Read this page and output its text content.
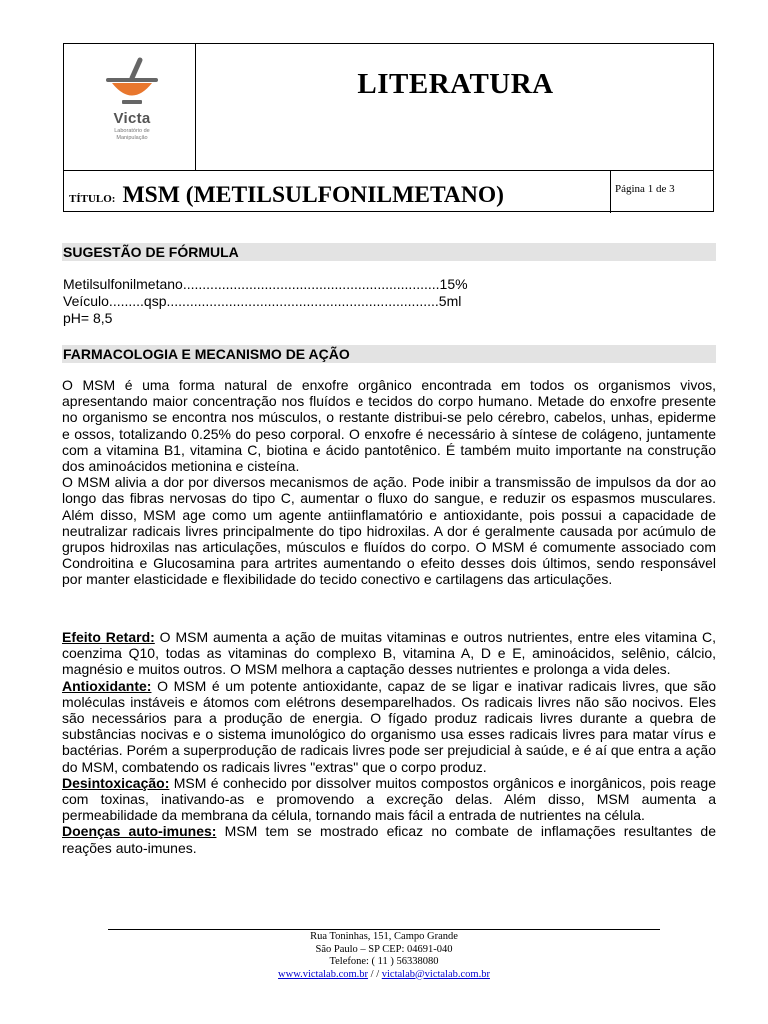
Victa
Laboratório de
Manipulação
LITERATURA
TÍTULO: MSM (METILSULFONILMETANO)	Página 1 de 3
SUGESTÃO DE FÓRMULA
Metilsulfonilmetano..................................................................15%
Veículo.........qsp......................................................................5ml
pH= 8,5
FARMACOLOGIA E MECANISMO DE AÇÃO

O MSM é uma forma natural de enxofre orgânico encontrada em todos os organismos vivos, apresentando maior concentração nos fluídos e tecidos do corpo humano. Metade do enxofre presente no organismo se encontra nos músculos, o restante distribui-se pelo cérebro, cabelos, unhas, epiderme e ossos, totalizando 0.25% do peso corporal. O enxofre é necessário à síntese de colágeno, juntamente com a vitamina B1, vitamina C, biotina e ácido pantotênico. É também muito importante na construção dos aminoácidos metionina e cisteína.

O MSM alivia a dor por diversos mecanismos de ação. Pode inibir a transmissão de impulsos da dor ao longo das fibras nervosas do tipo C, aumentar o fluxo do sangue, e reduzir os espasmos musculares. Além disso, MSM age como um agente antiinflamatório e antioxidante, pois possui a capacidade de neutralizar radicais livres principalmente do tipo hidroxilas. A dor é geralmente causada por acúmulo de grupos hidroxilas nas articulações, músculos e fluídos do corpo. O MSM é comumente associado com Condroitina e Glucosamina para artrites aumentando o efeito desses dois últimos, sendo responsável por manter elasticidade e flexibilidade do tecido conectivo e cartilagens das articulações.

Efeito Retard: O MSM aumenta a ação de muitas vitaminas e outros nutrientes, entre eles vitamina C, coenzima Q10, todas as vitaminas do complexo B, vitamina A, D e E, aminoácidos, selênio, cálcio, magnésio e muitos outros. O MSM melhora a captação desses nutrientes e prolonga a vida deles.

Antioxidante: O MSM é um potente antioxidante, capaz de se ligar e inativar radicais livres, que são moléculas instáveis e átomos com elétrons desemparelhados. Os radicais livres não são nocivos. Eles são necessários para a produção de energia. O fígado produz radicais livres durante a quebra de substâncias nocivas e o sistema imunológico do organismo usa esses radicais livres para matar vírus e bactérias. Porém a superprodução de radicais livres pode ser prejudicial à saúde, e é aí que entra a ação do MSM, combatendo os radicais livres "extras" que o corpo produz.

Desintoxicação: MSM é conhecido por dissolver muitos compostos orgânicos e inorgânicos, pois reage com toxinas, inativando-as e promovendo a excreção delas. Além disso, MSM aumenta a permeabilidade da membrana da célula, tornando mais fácil a entrada de nutrientes na célula.

Doenças auto-imunes: MSM tem se mostrado eficaz no combate de inflamações resultantes de reações auto-imunes.

Rua Toninhas, 151, Campo Grande
São Paulo – SP CEP: 04691-040
Telefone: ( 11 ) 56338080
www.victalab.com.br / / victalab@victalab.com.br
